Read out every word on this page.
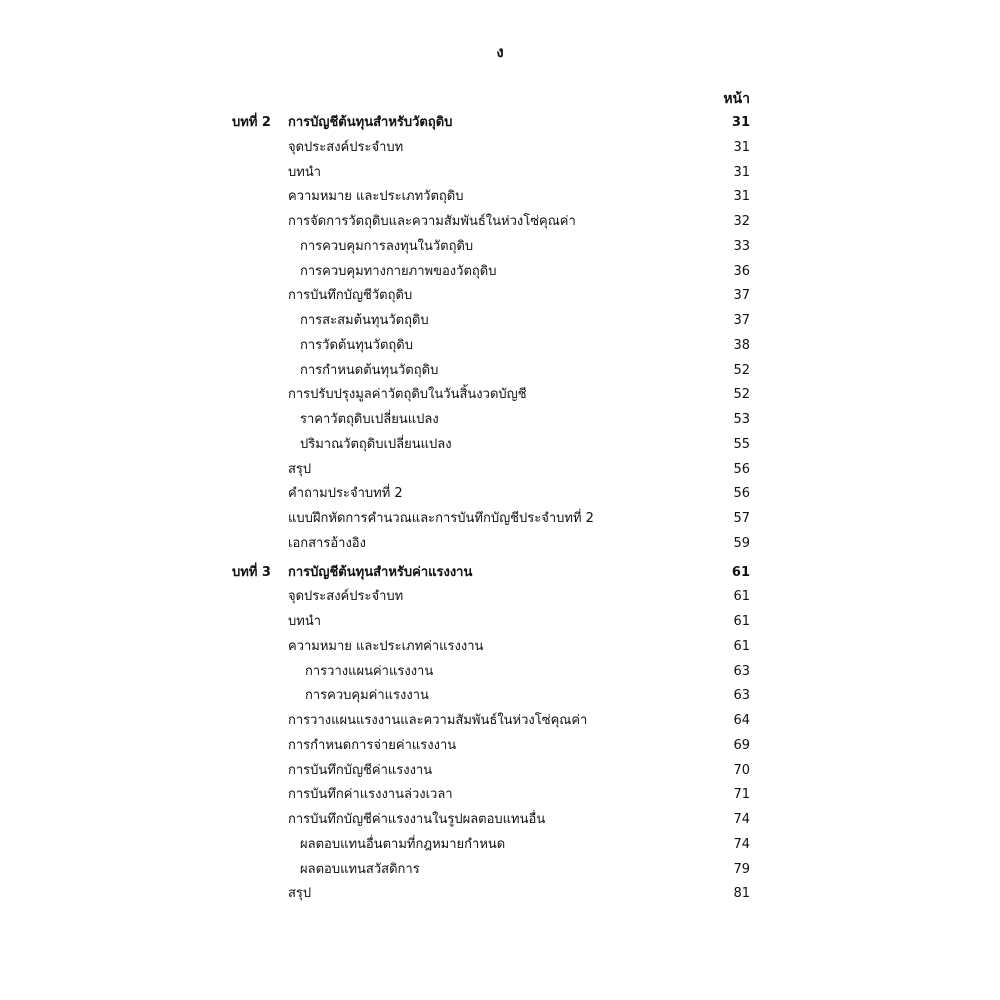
ง
หน้า
บทที่ 2 การบัญชีต้นทุนสำหรับวัตถุดิบ	31
จุดประสงค์ประจำบท	31
บทนำ	31
ความหมาย และประเภทวัตถุดิบ	31
การจัดการวัตถุดิบและความสัมพันธ์ในห่วงโซ่คุณค่า	32
การควบคุมการลงทุนในวัตถุดิบ	33
การควบคุมทางกายภาพของวัตถุดิบ	36
การบันทึกบัญชีวัตถุดิบ	37
การสะสมต้นทุนวัตถุดิบ	37
การวัดต้นทุนวัตถุดิบ	38
การกำหนดต้นทุนวัตถุดิบ	52
การปรับปรุงมูลค่าวัตถุดิบในวันสิ้นงวดบัญชี	52
ราคาวัตถุดิบเปลี่ยนแปลง	53
ปริมาณวัตถุดิบเปลี่ยนแปลง	55
สรุป	56
คำถามประจำบทที่ 2	56
แบบฝึกหัดการคำนวณและการบันทึกบัญชีประจำบทที่ 2	57
เอกสารอ้างอิง	59
บทที่ 3 การบัญชีต้นทุนสำหรับค่าแรงงาน	61
จุดประสงค์ประจำบท	61
บทนำ	61
ความหมาย และประเภทค่าแรงงาน	61
การวางแผนค่าแรงงาน	63
การควบคุมค่าแรงงาน	63
การวางแผนแรงงานและความสัมพันธ์ในห่วงโซ่คุณค่า	64
การกำหนดการจ่ายค่าแรงงาน	69
การบันทึกบัญชีค่าแรงงาน	70
การบันทึกค่าแรงงานล่วงเวลา	71
การบันทึกบัญชีค่าแรงงานในรูปผลตอบแทนอื่น	74
ผลตอบแทนอื่นตามที่กฎหมายกำหนด	74
ผลตอบแทนสวัสดิการ	79
สรุป	81
